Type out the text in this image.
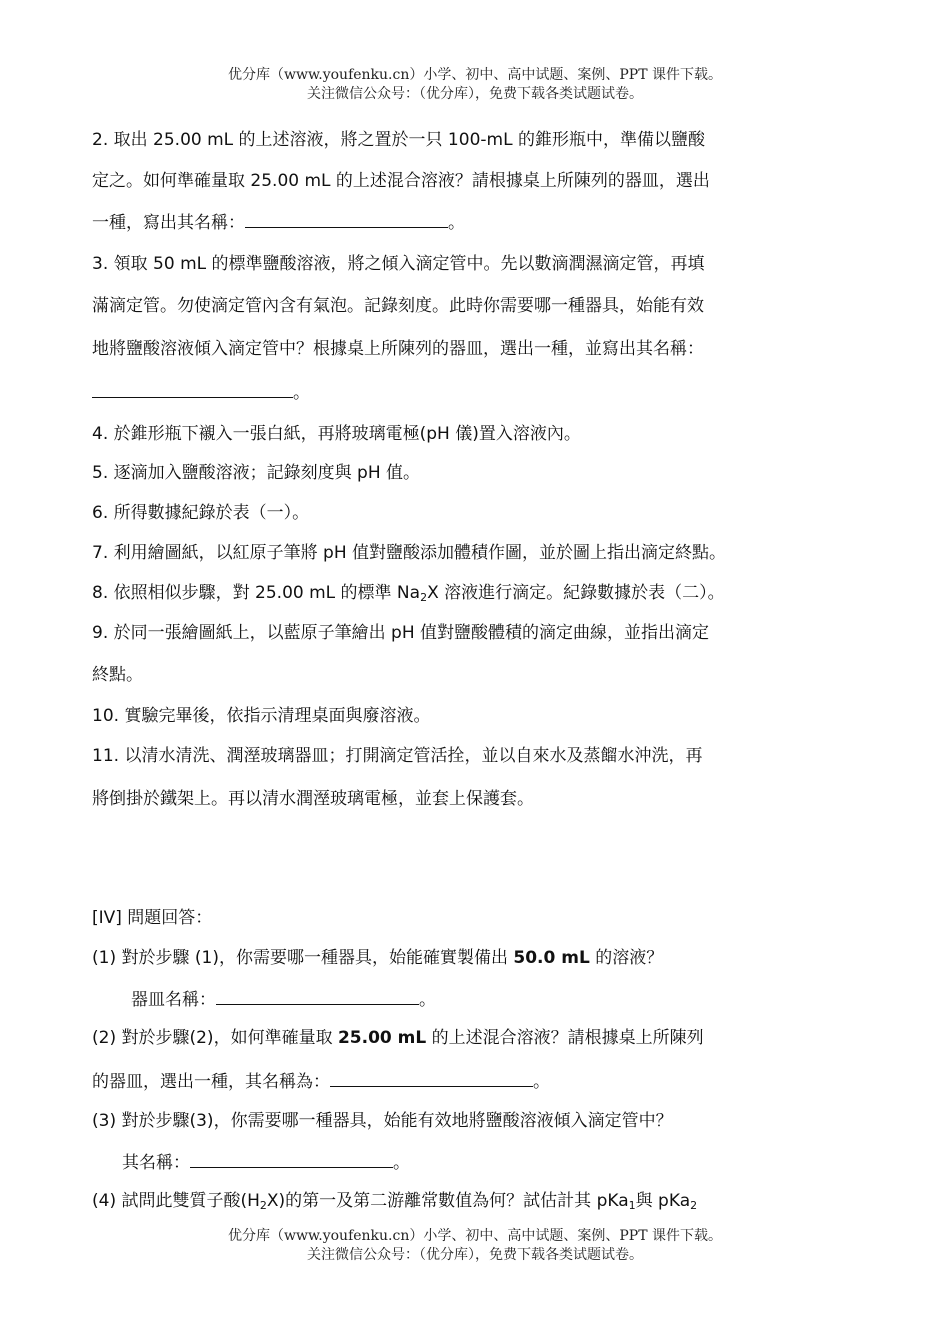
优分库（www.youfenku.cn）小学、初中、高中试题、案例、PPT 课件下载。
关注微信公众号：（优分库），免费下载各类试题试卷。
2. 取出 25.00 mL 的上述溶液，將之置於一只 100-mL 的錐形瓶中，準備以鹽酸
定之。如何準確量取 25.00 mL 的上述混合溶液？請根據桌上所陳列的器皿，選出
一種，寫出其名稱：	。
3. 領取 50 mL 的標準鹽酸溶液，將之傾入滴定管中。先以數滴潤濕滴定管，再填
滿滴定管。勿使滴定管內含有氣泡。記錄刻度。此時你需要哪一種器具，始能有效
地將鹽酸溶液傾入滴定管中？根據桌上所陳列的器皿，選出一種，並寫出其名稱：
。
4. 於錐形瓶下襯入一張白紙，再將玻璃電極(pH 儀)置入溶液內。
5. 逐滴加入鹽酸溶液；記錄刻度與 pH 值。
6. 所得數據紀錄於表（一）。
7. 利用繪圖紙，以紅原子筆將 pH 值對鹽酸添加體積作圖，並於圖上指出滴定終點。
8. 依照相似步驟，對 25.00 mL 的標準 $Na_2X$ 溶液進行滴定。紀錄數據於表（二）。
9. 於同一張繪圖紙上，以藍原子筆繪出 pH 值對鹽酸體積的滴定曲線，並指出滴定
終點。
10. 實驗完畢後，依指示清理桌面與廢溶液。
11. 以清水清洗、潤溼玻璃器皿；打開滴定管活拴，並以自來水及蒸餾水沖洗，再
將倒掛於鐵架上。再以清水潤溼玻璃電極，並套上保護套。
[IV] 問題回答：
(1) 對於步驟 (1)，你需要哪一種器具，始能確實製備出 50.0 mL 的溶液？
器皿名稱：	。
(2) 對於步驟(2)，如何準確量取 25.00 mL 的上述混合溶液？請根據桌上所陳列
的器皿，選出一種，其名稱為：	。
(3) 對於步驟(3)，你需要哪一種器具，始能有效地將鹽酸溶液傾入滴定管中？
其名稱：	。
(4) 試問此雙質子酸$(H_2X)$的第一及第二游離常數值為何？試估計其 pKa$_1$與 pKa$_2$
优分库（www.youfenku.cn）小学、初中、高中试题、案例、PPT 课件下载。
关注微信公众号：（优分库），免费下载各类试题试卷。
